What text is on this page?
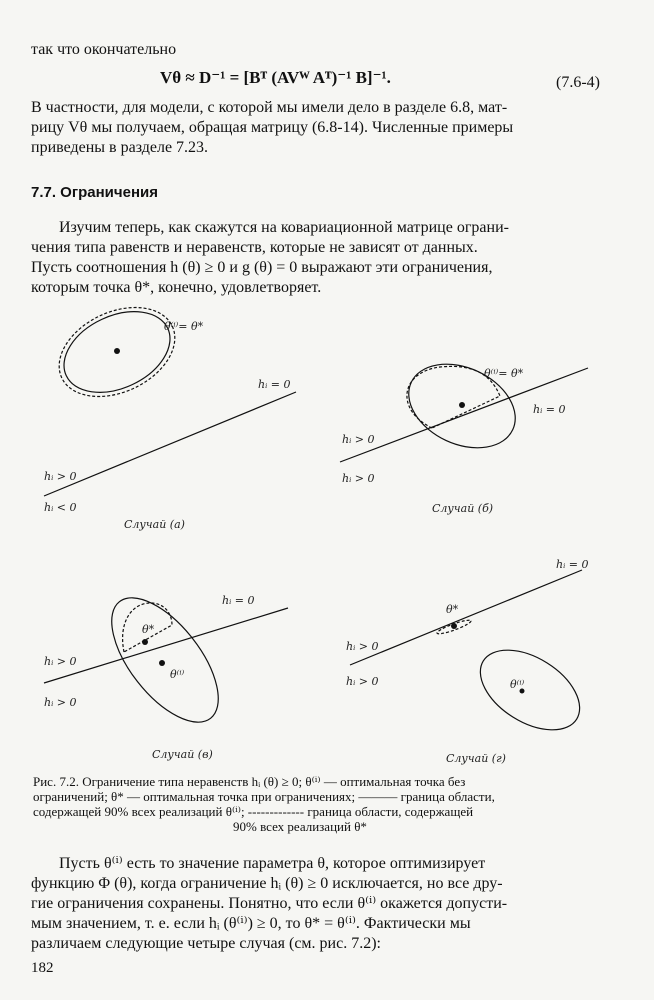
так что окончательно
Vθ ≈ D⁻¹ = [Bᵀ (AVᵂ Aᵀ)⁻¹ B]⁻¹.	(7.6-4)
В частности, для модели, с которой мы имели дело в разделе 6.8, мат-
рицу Vθ мы получаем, обращая матрицу (6.8-14). Численные примеры
приведены в разделе 7.23.
7.7. Ограничения
Изучим теперь, как скажутся на ковариационной матрице ограни-
чения типа равенств и неравенств, которые не зависят от данных.
Пусть соотношения h (θ) ≥ 0 и g (θ) = 0 выражают эти ограничения,
которым точка θ*, конечно, удовлетворяет.
θ⁽ⁱ⁾= θ*
hᵢ = 0
hᵢ > 0
hᵢ < 0
Случай (а)
θ⁽ⁱ⁾= θ*
hᵢ = 0
hᵢ > 0
hᵢ > 0
Случай (б)
θ*
θ⁽ⁱ⁾
hᵢ = 0
hᵢ > 0
hᵢ > 0
Случай (в)
θ*
θ⁽ⁱ⁾
hᵢ = 0
hᵢ > 0
hᵢ > 0
Случай (г)
Рис. 7.2. Ограничение типа неравенств hᵢ (θ) ≥ 0; θ⁽ⁱ⁾ — оптимальная точка без
ограничений; θ* — оптимальная точка при ограничениях; ——— граница области,
содержащей 90% всех реализаций θ⁽ⁱ⁾; ------------- граница области, содержащей
90% всех реализаций θ*
Пусть θ⁽ⁱ⁾ есть то значение параметра θ, которое оптимизирует
функцию Φ (θ), когда ограничение hᵢ (θ) ≥ 0 исключается, но все дру-
гие ограничения сохранены. Понятно, что если θ⁽ⁱ⁾ окажется допусти-
мым значением, т. е. если hᵢ (θ⁽ⁱ⁾) ≥ 0, то θ* = θ⁽ⁱ⁾. Фактически мы
различаем следующие четыре случая (см. рис. 7.2):
182
